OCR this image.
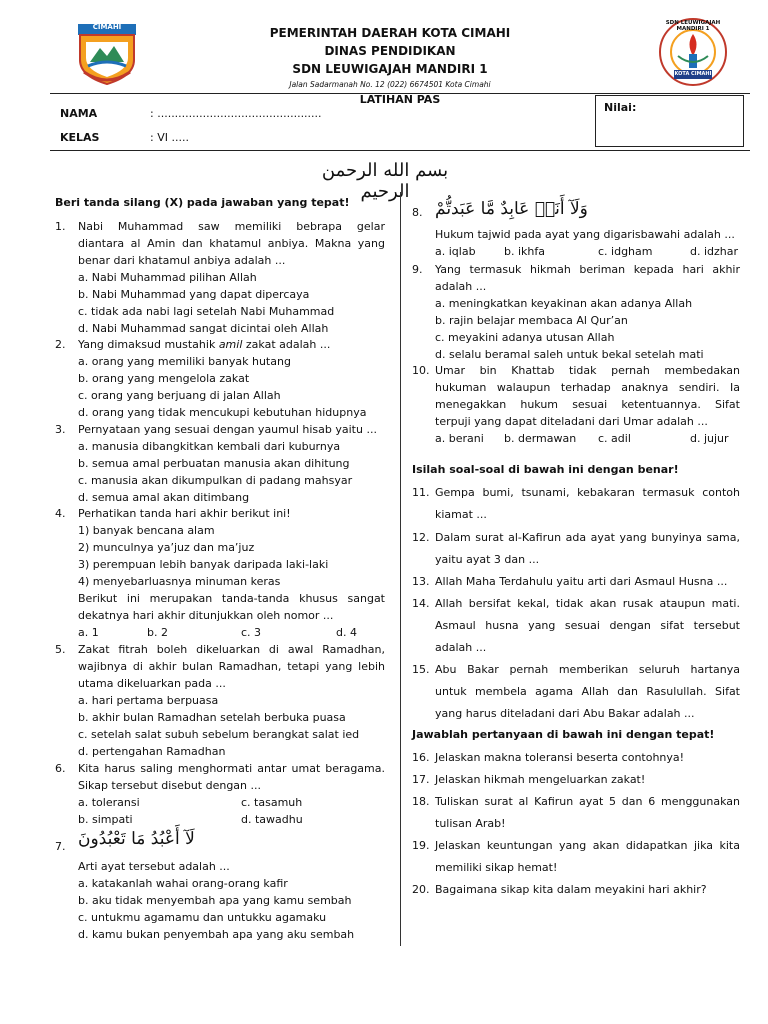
CIMAHI	PEMERINTAH DAERAH KOTA CIMAHI
DINAS PENDIDIKAN
SDN LEUWIGAJAH MANDIRI 1
Jalan Sadarmanah No. 12 (022) 6674501 Kota Cimahi
SDN LEUWIGAJAH MANDIRI 1
KOTA CIMAHI
LATIHAN PAS
NAMA	: ...............................................
KELAS	: VI .....
Nilai:
بسم الله الرحمن الرحيم
Beri tanda silang (X) pada jawaban yang tepat!
1.	Nabi Muhammad saw memiliki bebrapa gelar
diantara al Amin dan khatamul anbiya. Makna yang
benar dari khatamul anbiya adalah ...
a. Nabi Muhammad pilihan Allah
b. Nabi Muhammad yang dapat dipercaya
c. tidak ada nabi lagi setelah Nabi Muhammad
d. Nabi Muhammad sangat dicintai oleh Allah
2.	Yang dimaksud mustahik amil zakat adalah ...
a. orang yang memiliki banyak hutang
b. orang yang mengelola zakat
c. orang yang berjuang di jalan Allah
d. orang yang tidak mencukupi kebutuhan hidupnya
3.	Pernyataan yang sesuai dengan yaumul hisab yaitu ...
a. manusia dibangkitkan kembali dari kuburnya
b. semua amal perbuatan manusia akan dihitung
c. manusia akan dikumpulkan di padang mahsyar
d. semua amal akan ditimbang
4.	Perhatikan tanda hari akhir berikut ini!
1) banyak bencana alam
2) munculnya ya’juz dan ma’juz
3) perempuan lebih banyak daripada laki-laki
4) menyebarluasnya minuman keras
Berikut ini merupakan tanda-tanda khusus sangat
dekatnya hari akhir ditunjukkan oleh nomor ...
a. 1	b. 2	c. 3	d. 4
5.	Zakat fitrah boleh dikeluarkan di awal Ramadhan,
wajibnya di akhir bulan Ramadhan, tetapi yang lebih
utama dikeluarkan pada ...
a. hari pertama berpuasa
b. akhir bulan Ramadhan setelah berbuka puasa
c. setelah salat subuh sebelum berangkat salat ied
d. pertengahan Ramadhan
6.	Kita harus saling menghormati antar umat beragama.
Sikap tersebut disebut dengan ...
a. toleransi
b. simpati
c. tasamuh
d. tawadhu
7. لَآ أَعْبُدُ مَا تَعْبُدُونَ
Arti ayat tersebut adalah ...
a. katakanlah wahai orang-orang kafir
b. aku tidak menyembah apa yang kamu sembah
c. untukmu agamamu dan untukku agamaku
d. kamu bukan penyembah apa yang aku sembah
8. وَلَآ أَنَا۠ عَابِدٌ مَّا عَبَدتُّمْ
Hukum tajwid pada ayat yang digarisbawahi adalah ...
a. iqlab	b. ikhfa	c. idgham	d. idzhar
9.	Yang termasuk hikmah beriman kepada hari akhir
adalah ...
a. meningkatkan keyakinan akan adanya Allah
b. rajin belajar membaca Al Qur’an
c. meyakini adanya utusan Allah
d. selalu beramal saleh untuk bekal setelah mati
10. Umar bin Khattab tidak pernah membedakan
hukuman walaupun terhadap anaknya sendiri. Ia
menegakkan hukum sesuai ketentuannya. Sifat
terpuji yang dapat diteladani dari Umar adalah ...
a. berani b. dermawan c. adil	d. jujur
Isilah soal-soal di bawah ini dengan benar!
11. Gempa bumi, tsunami, kebakaran termasuk contoh
kiamat ...
12. Dalam surat al-Kafirun ada ayat yang bunyinya sama,
yaitu ayat 3 dan ...
13. Allah Maha Terdahulu yaitu arti dari Asmaul Husna ...
14. Allah bersifat kekal, tidak akan rusak ataupun mati.
Asmaul husna yang sesuai dengan sifat tersebut
adalah ...
15. Abu Bakar pernah memberikan seluruh hartanya
untuk membela agama Allah dan Rasulullah. Sifat
yang harus diteladani dari Abu Bakar adalah ...
Jawablah pertanyaan di bawah ini dengan tepat!
16. Jelaskan makna toleransi beserta contohnya!
17. Jelaskan hikmah mengeluarkan zakat!
18. Tuliskan surat al Kafirun ayat 5 dan 6 menggunakan
tulisan Arab!
19. Jelaskan keuntungan yang akan didapatkan jika kita
memiliki sikap hemat!
20. Bagaimana sikap kita dalam meyakini hari akhir?
